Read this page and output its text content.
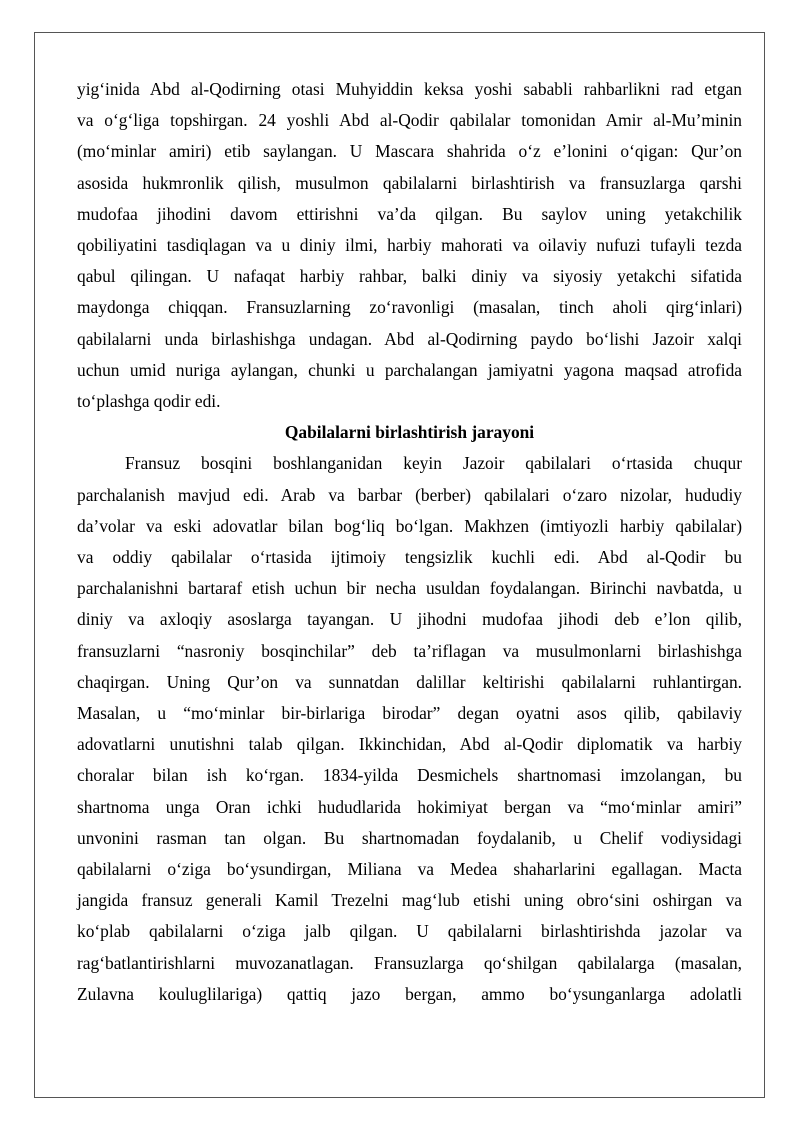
yig‘inida Abd al-Qodirning otasi Muhyiddin keksa yoshi sababli rahbarlikni rad etgan
va o‘g‘liga topshirgan. 24 yoshli Abd al-Qodir qabilalar tomonidan Amir al-Mu’minin
(mo‘minlar amiri) etib saylangan. U Mascara shahrida o‘z e’lonini o‘qigan: Qur’on
asosida hukmronlik qilish, musulmon qabilalarni birlashtirish va fransuzlarga qarshi
mudofaa jihodini davom ettirishni va’da qilgan. Bu saylov uning yetakchilik
qobiliyatini tasdiqlagan va u diniy ilmi, harbiy mahorati va oilaviy nufuzi tufayli tezda
qabul qilingan. U nafaqat harbiy rahbar, balki diniy va siyosiy yetakchi sifatida
maydonga chiqqan. Fransuzlarning zo‘ravonligi (masalan, tinch aholi qirg‘inlari)
qabilalarni unda birlashishga undagan. Abd al-Qodirning paydo bo‘lishi Jazoir xalqi
uchun umid nuriga aylangan, chunki u parchalangan jamiyatni yagona maqsad atrofida
to‘plashga qodir edi.
Qabilalarni birlashtirish jarayoni
Fransuz bosqini boshlanganidan keyin Jazoir qabilalari o‘rtasida chuqur
parchalanish mavjud edi. Arab va barbar (berber) qabilalari o‘zaro nizolar, hududiy
da’volar va eski adovatlar bilan bog‘liq bo‘lgan. Makhzen (imtiyozli harbiy qabilalar)
va oddiy qabilalar o‘rtasida ijtimoiy tengsizlik kuchli edi. Abd al-Qodir bu
parchalanishni bartaraf etish uchun bir necha usuldan foydalangan. Birinchi navbatda, u
diniy va axloqiy asoslarga tayangan. U jihodni mudofaa jihodi deb e’lon qilib,
fransuzlarni “nasroniy bosqinchilar” deb ta’riflagan va musulmonlarni birlashishga
chaqirgan. Uning Qur’on va sunnatdan dalillar keltirishi qabilalarni ruhlantirgan.
Masalan, u “mo‘minlar bir-birlariga birodar” degan oyatni asos qilib, qabilaviy
adovatlarni unutishni talab qilgan. Ikkinchidan, Abd al-Qodir diplomatik va harbiy
choralar bilan ish ko‘rgan. 1834-yilda Desmichels shartnomasi imzolangan, bu
shartnoma unga Oran ichki hududlarida hokimiyat bergan va “mo‘minlar amiri”
unvonini rasman tan olgan. Bu shartnomadan foydalanib, u Chelif vodiysidagi
qabilalarni o‘ziga bo‘ysundirgan, Miliana va Medea shaharlarini egallagan. Macta
jangida fransuz generali Kamil Trezelni mag‘lub etishi uning obro‘sini oshirgan va
ko‘plab qabilalarni o‘ziga jalb qilgan. U qabilalarni birlashtirishda jazolar va
rag‘batlantirishlarni muvozanatlagan. Fransuzlarga qo‘shilgan qabilalarga (masalan,
Zulavna kouluglilariga) qattiq jazo bergan, ammo bo‘ysunganlarga adolatli
